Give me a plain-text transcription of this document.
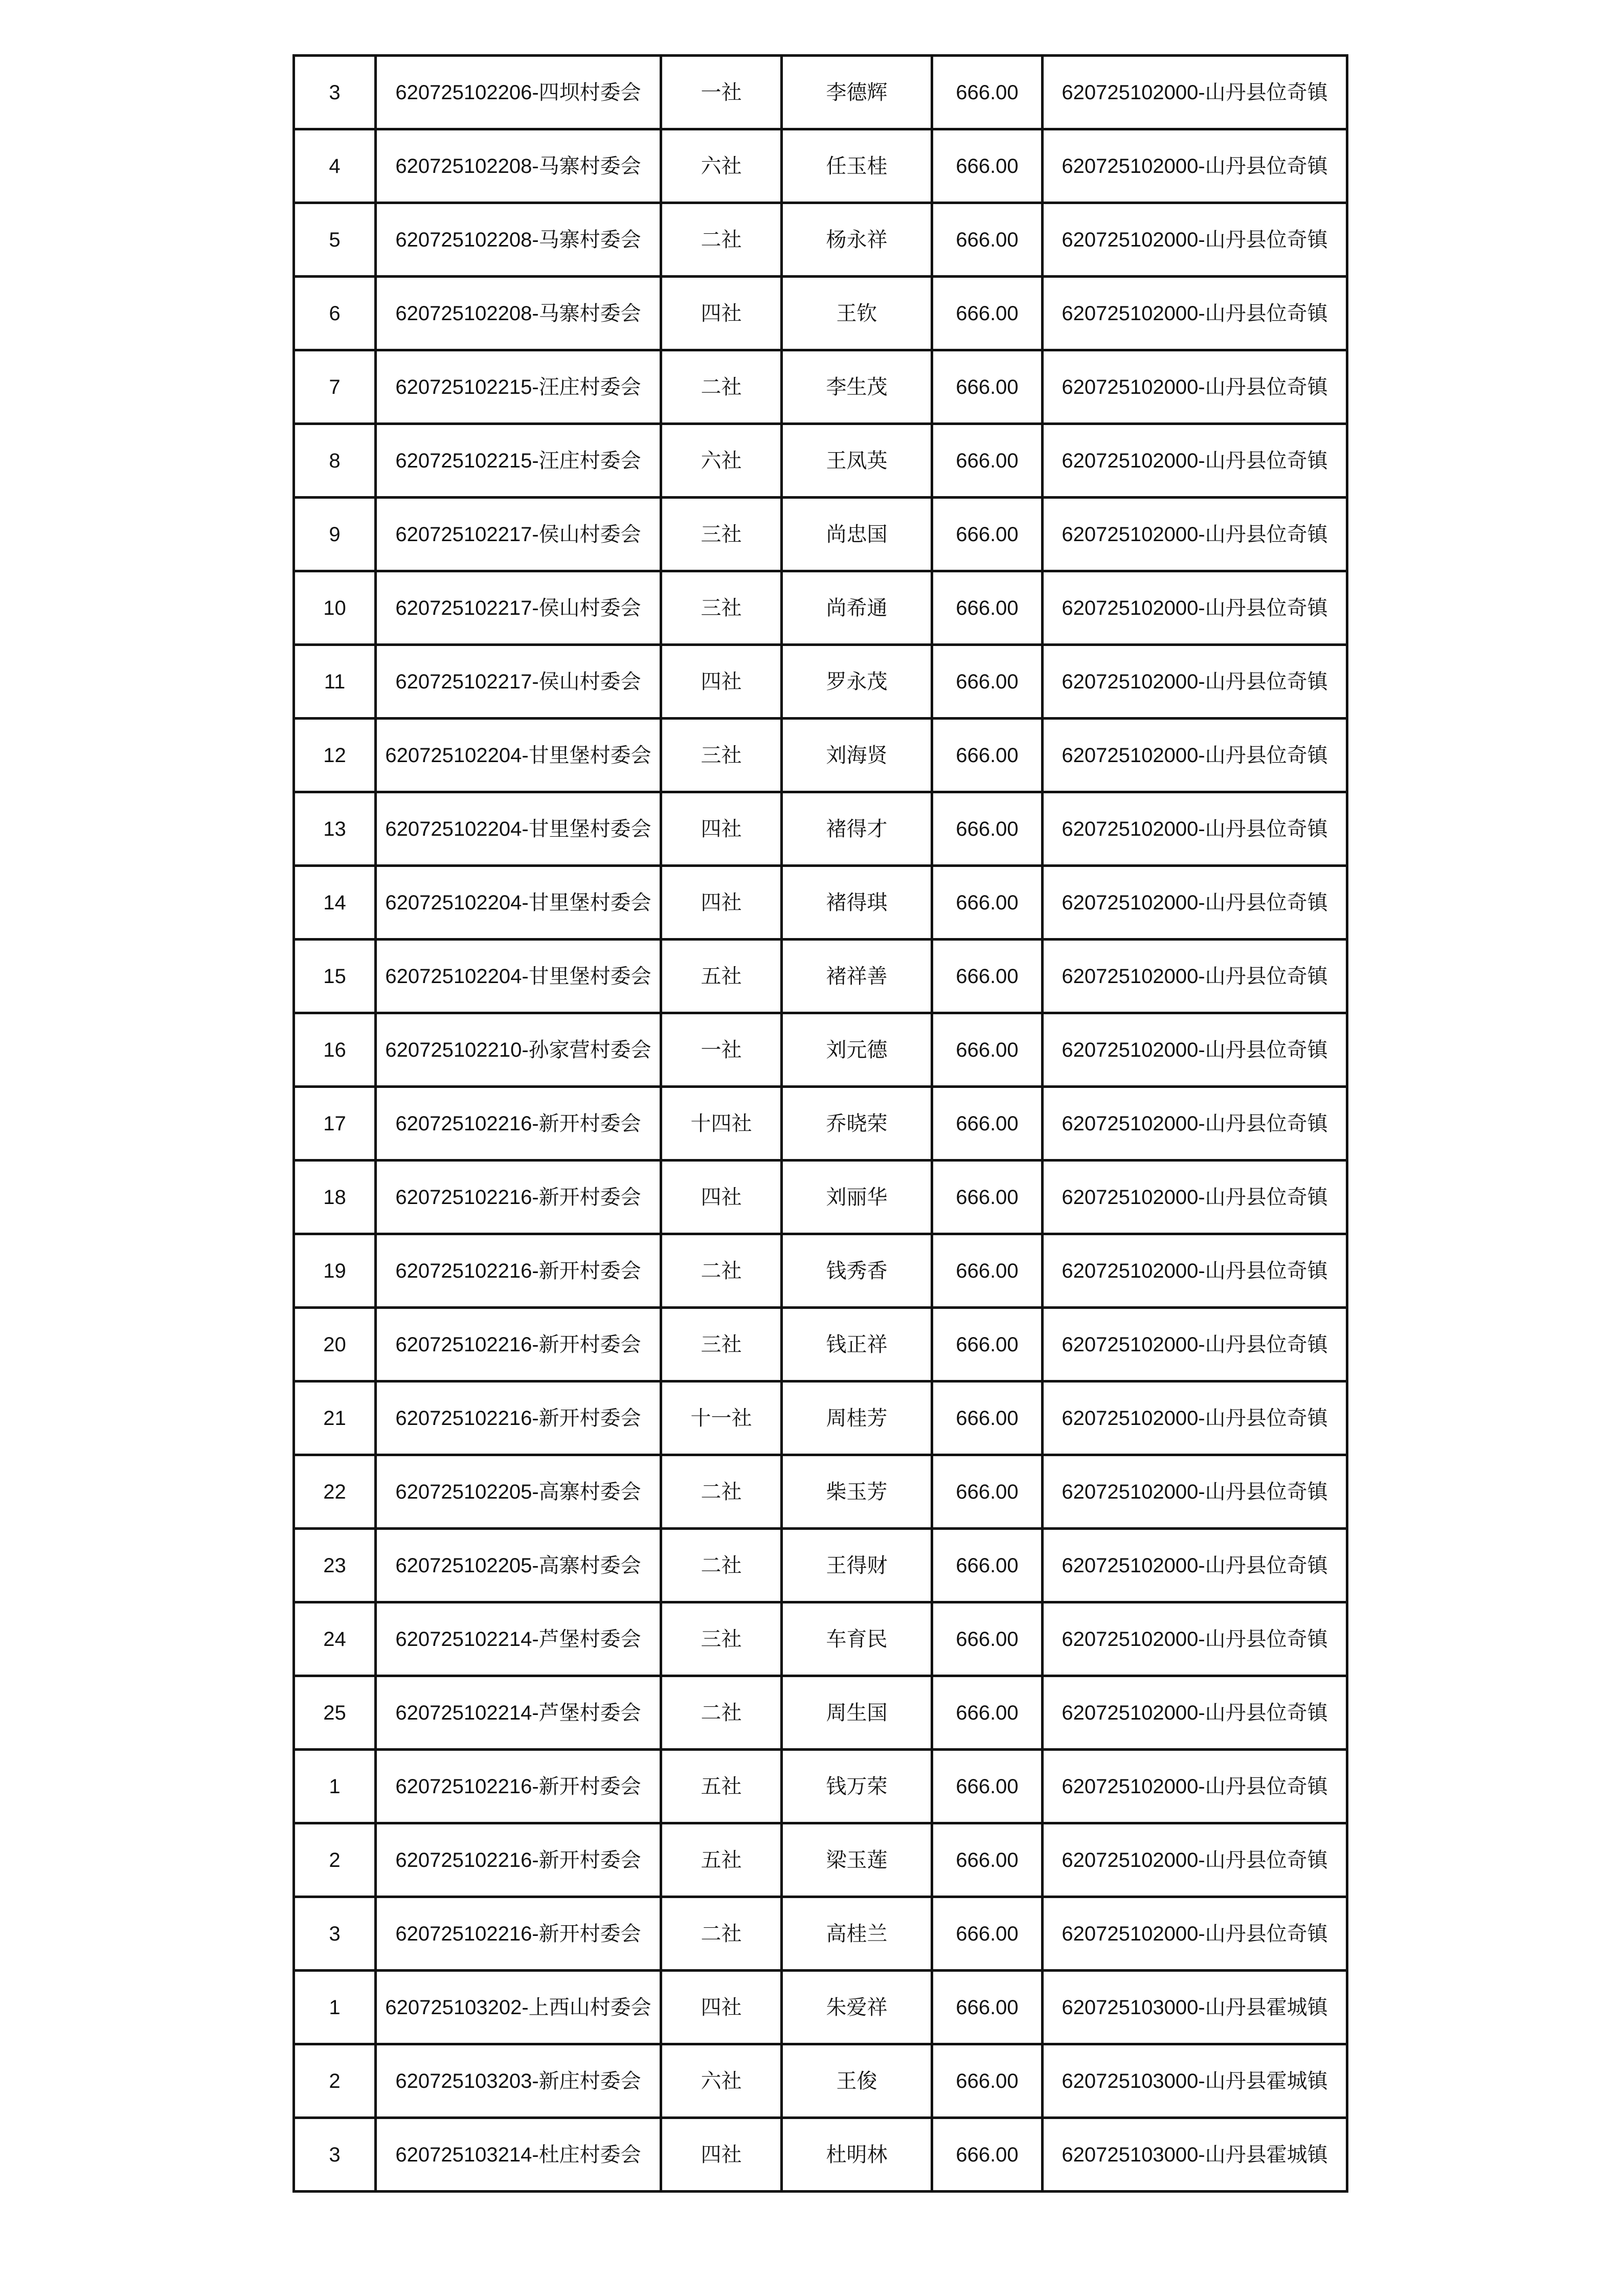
3	620725102206-四坝村委会	一社	李德辉	666.00	620725102000-山丹县位奇镇
4	620725102208-马寨村委会	六社	任玉桂	666.00	620725102000-山丹县位奇镇
5	620725102208-马寨村委会	二社	杨永祥	666.00	620725102000-山丹县位奇镇
6	620725102208-马寨村委会	四社	王钦	666.00	620725102000-山丹县位奇镇
7	620725102215-汪庄村委会	二社	李生茂	666.00	620725102000-山丹县位奇镇
8	620725102215-汪庄村委会	六社	王凤英	666.00	620725102000-山丹县位奇镇
9	620725102217-侯山村委会	三社	尚忠国	666.00	620725102000-山丹县位奇镇
10	620725102217-侯山村委会	三社	尚希通	666.00	620725102000-山丹县位奇镇
11	620725102217-侯山村委会	四社	罗永茂	666.00	620725102000-山丹县位奇镇
12	620725102204-甘里堡村委会	三社	刘海贤	666.00	620725102000-山丹县位奇镇
13	620725102204-甘里堡村委会	四社	褚得才	666.00	620725102000-山丹县位奇镇
14	620725102204-甘里堡村委会	四社	褚得琪	666.00	620725102000-山丹县位奇镇
15	620725102204-甘里堡村委会	五社	褚祥善	666.00	620725102000-山丹县位奇镇
16	620725102210-孙家营村委会	一社	刘元德	666.00	620725102000-山丹县位奇镇
17	620725102216-新开村委会	十四社	乔晓荣	666.00	620725102000-山丹县位奇镇
18	620725102216-新开村委会	四社	刘丽华	666.00	620725102000-山丹县位奇镇
19	620725102216-新开村委会	二社	钱秀香	666.00	620725102000-山丹县位奇镇
20	620725102216-新开村委会	三社	钱正祥	666.00	620725102000-山丹县位奇镇
21	620725102216-新开村委会	十一社	周桂芳	666.00	620725102000-山丹县位奇镇
22	620725102205-高寨村委会	二社	柴玉芳	666.00	620725102000-山丹县位奇镇
23	620725102205-高寨村委会	二社	王得财	666.00	620725102000-山丹县位奇镇
24	620725102214-芦堡村委会	三社	车育民	666.00	620725102000-山丹县位奇镇
25	620725102214-芦堡村委会	二社	周生国	666.00	620725102000-山丹县位奇镇
1	620725102216-新开村委会	五社	钱万荣	666.00	620725102000-山丹县位奇镇
2	620725102216-新开村委会	五社	梁玉莲	666.00	620725102000-山丹县位奇镇
3	620725102216-新开村委会	二社	高桂兰	666.00	620725102000-山丹县位奇镇
1	620725103202-上西山村委会	四社	朱爱祥	666.00	620725103000-山丹县霍城镇
2	620725103203-新庄村委会	六社	王俊	666.00	620725103000-山丹县霍城镇
3	620725103214-杜庄村委会	四社	杜明林	666.00	620725103000-山丹县霍城镇
